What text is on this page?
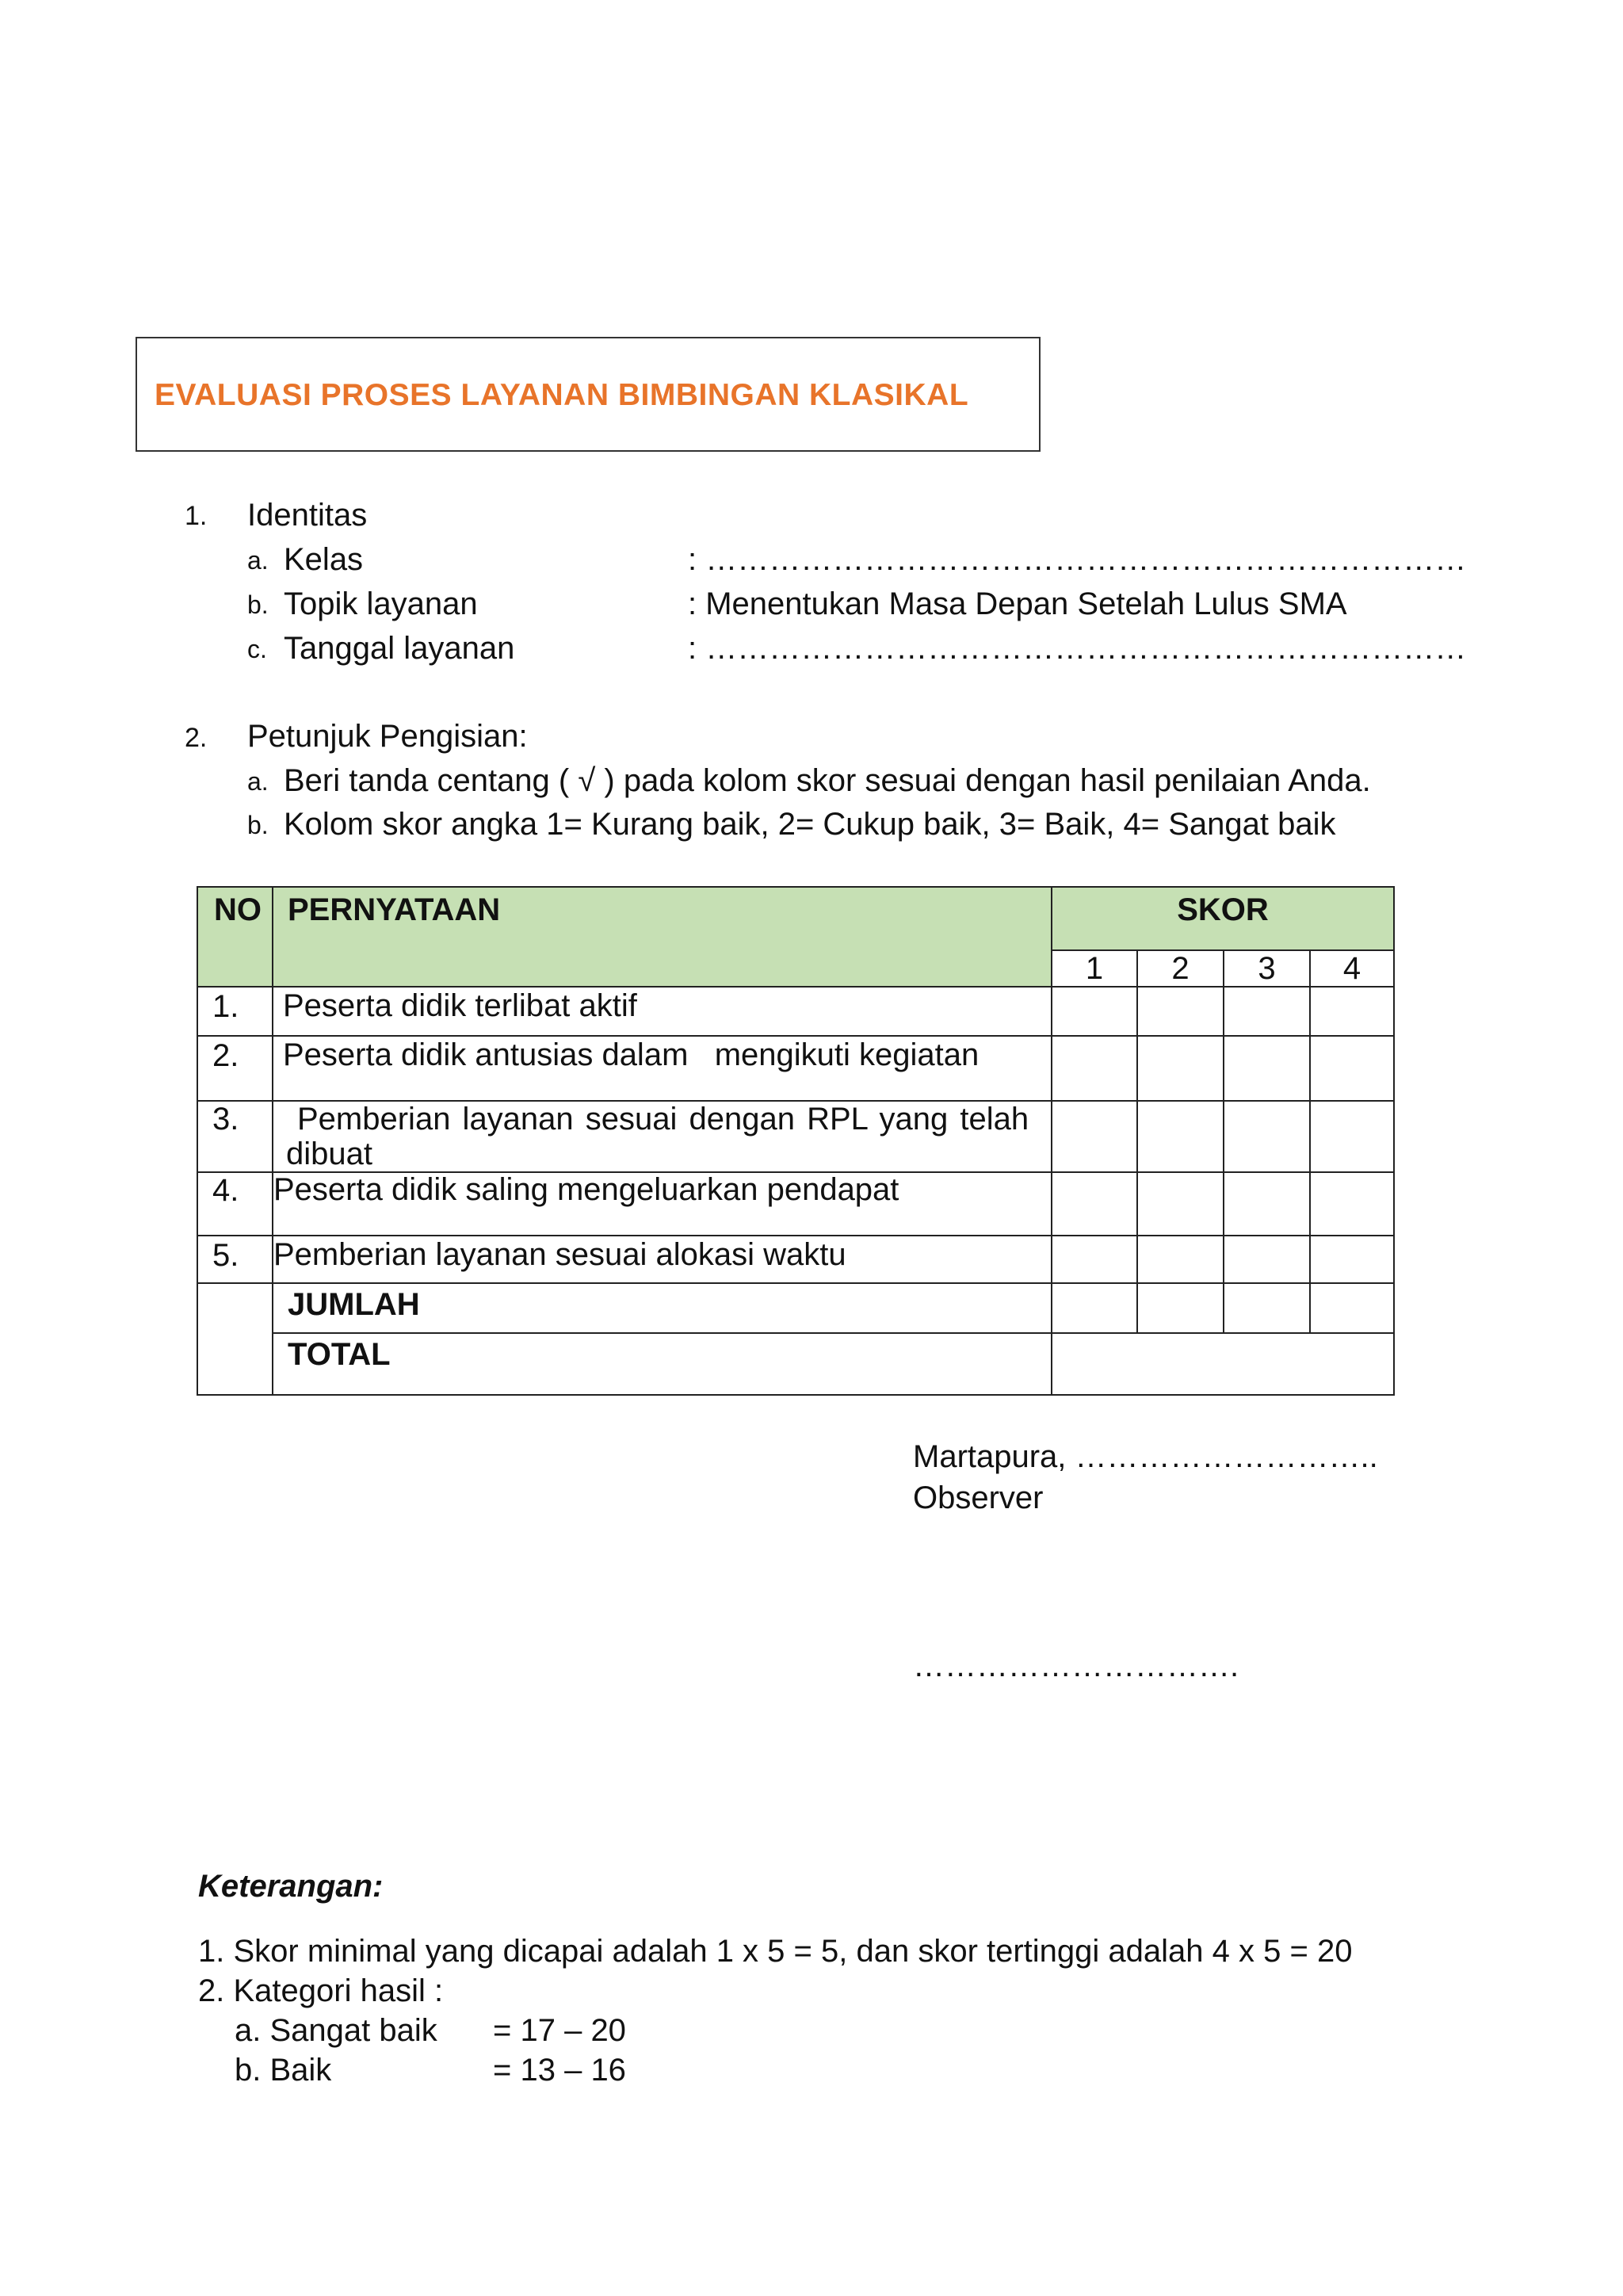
EVALUASI PROSES LAYANAN BIMBINGAN KLASIKAL
1. Identitas
a. Kelas	: ………………………………………………………………
b. Topik layanan	: Menentukan Masa Depan Setelah Lulus SMA
c. Tanggal layanan	: ………………………………………………………………
2. Petunjuk Pengisian:
a. Beri tanda centang ( √ ) pada kolom skor sesuai dengan hasil penilaian Anda.
b. Kolom skor angka 1= Kurang baik, 2= Cukup baik, 3= Baik, 4= Sangat baik
NO	PERNYATAAN	SKOR			
		1	2	3	4
1.	Peserta didik terlibat aktif				
2.	Peserta didik antusias dalam   mengikuti kegiatan				
3.	Pemberian layanan sesuai dengan RPL yang telah
dibuat				

4.	Peserta didik saling mengeluarkan pendapat				
5.	Pemberian layanan sesuai alokasi waktu				
	JUMLAH				
	TOTAL				
Martapura, ………………………..
Observer
………………………….
Keterangan:
1. Skor minimal yang dicapai adalah 1 x 5 = 5, dan skor tertinggi adalah 4 x 5 = 20
2. Kategori hasil :
a. Sangat baik = 17 – 20
b. Baik	= 13 – 16
